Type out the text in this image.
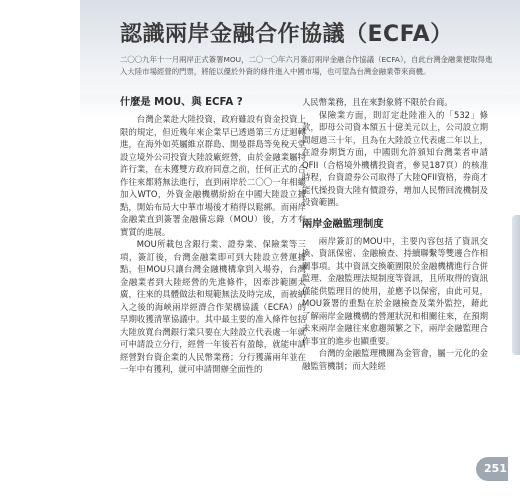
認識兩岸金融合作協議（ECFA）

二〇〇九年十一月兩岸正式簽署MOU，二〇一〇年六月簽訂兩岸金融合作協議（ECFA），自此台灣金融業便取得進入大陸市場經營的門票，將能以優於外資的條件進入中國市場，也可望為台灣金融業帶來商機。

什麼是 MOU、與 ECFA ?

台灣企業赴大陸投資，政府雖設有資金投資上限的規定，但近幾年來企業早已透過第三方迂迴轉進，在海外如英屬維京群島、開曼群島等免稅天堂設立境外公司投資大陸設廠經營，由於金融業屬特許行業，在未獲雙方政府同意之前，任何正式的合作往來都將無法進行，直到兩岸於二〇〇一年相繼加入WTO，外資金融機構紛紛在中國大陸設立據點，開始布局大中華市場後才稍得以鬆綁。而兩岸金融業直到簽署金融備忘錄（MOU）後，方才有實質的進展。

MOU所載包含銀行業、證券業、保險業等三項，簽訂後，台灣金融業即可到大陸設立營運據點，但MOU只讓台灣金融機構拿到入場券，台灣金融業者到大陸經營的先進條件，因牽涉範圍太廣，往來的具體做法和規範無法及時完成，而被納入之後的海峽兩岸經濟合作架構協議（ECFA）的早期收獲清單協議中。其中最主要的准入條件包括大陸放寬台灣銀行業只要在大陸設立代表處一年就可申請設立分行，經營一年後若有盈餘，就能申請經營對台資企業的人民幣業務；分行獲滿兩年並在一年中有獲利，就可申請開辦全面性的

人民幣業務，且在來對象將不限於台商。

保險業方面，則訂定赴陸准入的「532」條款，即母公司資本額五十億美元以上，公司設立期間超過三十年，且為在大陸設立代表處二年以上，在證券期貨方面，中國則允許頒知台灣業者申請QFII（合格境外機構投資者，參見187頁）的核准時程，台資證券公司取得了大陸QFII資格，券商才能代操投資大陸有價證券，增加人民幣回流機制及投資範圍。

兩岸金融監理制度

兩岸簽訂的MOU中，主要內容包括了資訊交換、資訊保密、金融檢查、持續聯繫等雙邊合作相關事項。其中資訊交換範圍限於金融機構進行合併監理、金融監理法規制度等資訊，且所取得的資訊僅能供監理目的使用，並應予以保密，由此可見，MOU簽署的重點在於金融檢查及業外監控，藉此了解兩岸金融機構的營運狀況和相關往來，在預期未來兩岸金融往來愈趨頻繁之下，兩岸金融監理合作事宜的進步也顯重要。

台灣的金融監理機關為金管會，屬一元化的金融監管機制；而大陸經

251
